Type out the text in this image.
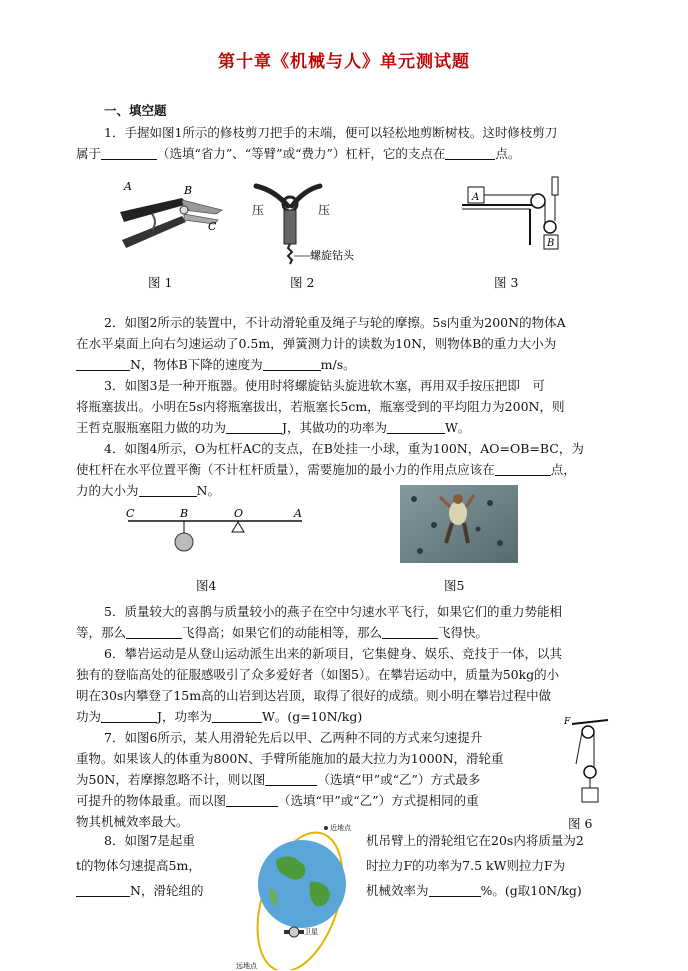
第十章《机械与人》单元测试题
一、填空题
1．手握如图1所示的修枝剪刀把手的末端，便可以轻松地剪断树枝。这时修枝剪刀
属于	（选填“省力”、“等臂”或“费力”）杠杆，它的支点在	点。
A	B
C
图 1
压	压
螺旋钻头
图 2
A
B
图 3
2．如图2所示的装置中，不计动滑轮重及绳子与轮的摩擦。5s内重为200N的物体A
在水平桌面上向右匀速运动了0.5m，弹簧测力计的读数为10N，则物体B的重力大小为
N，物体B下降的速度为	m/s。
3．如图3是一种开瓶器。使用时将螺旋钻头旋进软木塞，再用双手按压把即　可
将瓶塞拔出。小明在5s内将瓶塞拔出，若瓶塞长5cm，瓶塞受到的平均阻力为200N，则
王哲克服瓶塞阻力做的功为	J，其做功的功率为	W。
4．如图4所示，O为杠杆AC的支点，在B处挂一小球，重为100N，AO=OB=BC，为
使杠杆在水平位置平衡（不计杠杆质量），需要施加的最小力的作用点应该在	点，
力的大小为	N。
C	B	O	A
图4	图5
5．质量较大的喜鹊与质量较小的燕子在空中匀速水平飞行，如果它们的重力势能相
等，那么	飞得高；如果它们的动能相等，那么	飞得快。
6．攀岩运动是从登山运动派生出来的新项目，它集健身、娱乐、竞技于一体，以其
独有的登临高处的征服感吸引了众多爱好者（如图5）。在攀岩运动中，质量为50kg的小
明在30s内攀登了15m高的山岩到达岩顶，取得了很好的成绩。则小明在攀岩过程中做
功为	J，功率为	W。(g=10N/kg)
7．如图6所示，某人用滑轮先后以甲、乙两种不同的方式来匀速提升
重物。如果该人的体重为800N、手臂所能施加的最大拉力为1000N，滑轮重
为50N，若摩擦忽略不计，则以图	（选填“甲”或“乙”）方式最多
可提升的物体最重。而以图	（选填“甲”或“乙”）方式提相同的重
物其机械效率最大。
F
图 6
8．如图7是起重
t的物体匀速提高5m，
N，滑轮组的
近地点
远地点
卫星
机吊臂上的滑轮组它在20s内将质量为2
时拉力F的功率为7.5 kW则拉力F为
机械效率为	%。(g取10N/kg)
